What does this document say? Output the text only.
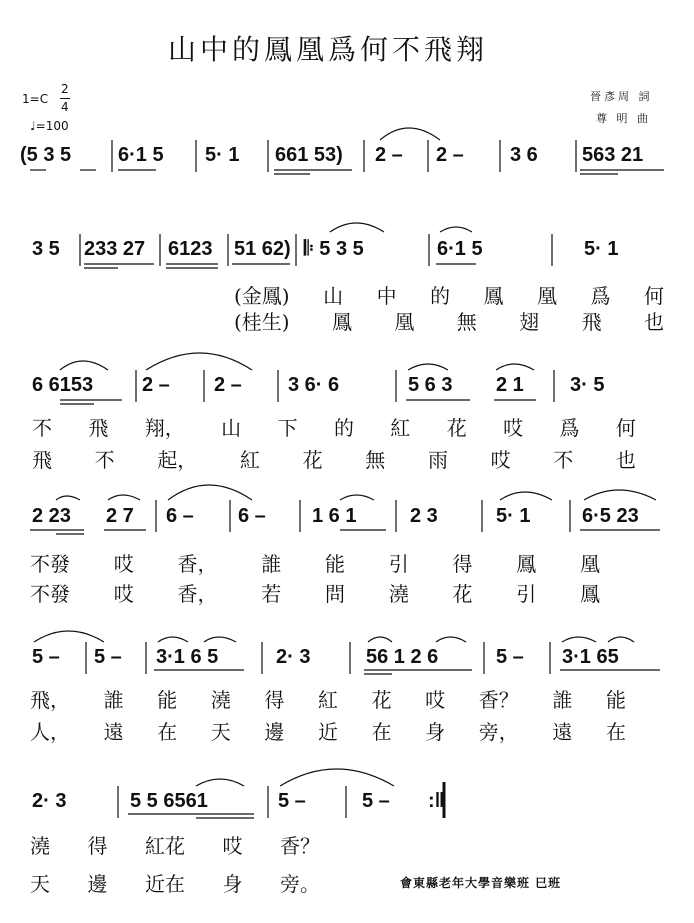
山中的鳳凰爲何不飛翔
1=C
2
4
♩=100
晉彥周 詞
尊 明 曲
(5 3 5 6·1 5 5· 1 661 53) 2 – 2 – 3 6 563 21
3 5 233 27 6123 51 62) 𝄆 5 3 5	6·1 5	5· 1
(金鳳) 山 中 的 鳳 凰 爲 何
(桂生) 鳳 凰 無 翅 飛 也
6 6153 2 – 2 – 3 6· 6	5 6 3 2 1 3· 5
不 飛 翔， 山 下 的 紅 花 哎 爲 何
飛 不 起， 紅 花 無 雨 哎 不 也
2 23 2 7 6 – 6 – 1 6 1	2 3	5· 1	6·5 23
不發 哎 香， 誰 能 引 得 鳳 凰
不發 哎 香， 若 問 澆 花 引 鳳
5 – 5 – 3·1 6 5	2· 3	56 1 2 6	5 – 3·1 65
飛， 誰 能 澆 得 紅 花 哎 香？ 誰 能
人， 遠 在 天 邊 近 在 身 旁， 遠 在
2· 3	5 5 6561	5 –	5 – :‖
澆 得 紅花 哎 香？
天 邊 近在 身 旁。	會東縣老年大學音樂班 巳班
